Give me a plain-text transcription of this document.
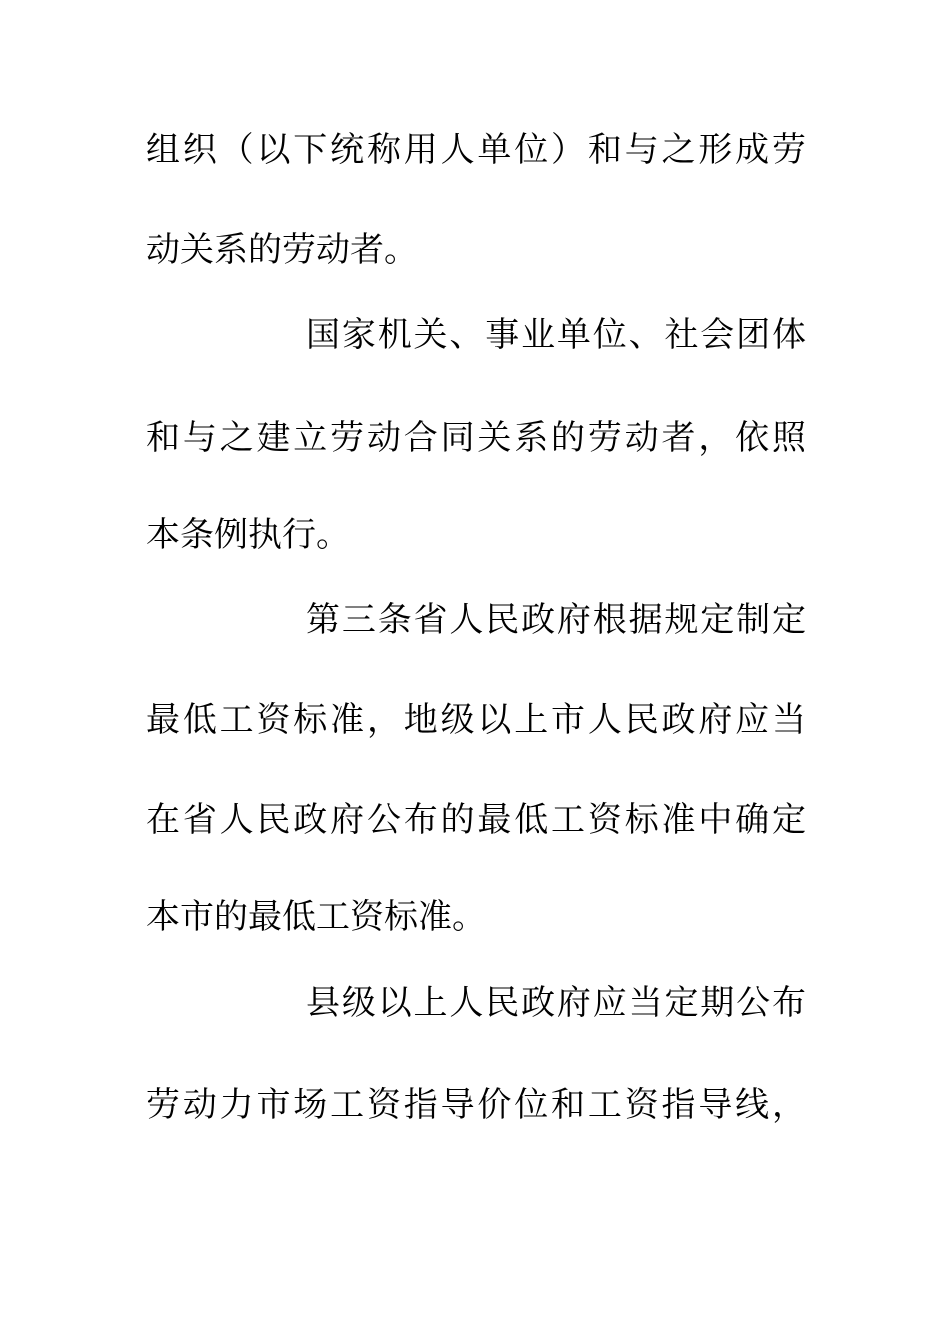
组织（以下统称用人单位）和与之形成劳
动关系的劳动者。
国家机关、事业单位、社会团体
和与之建立劳动合同关系的劳动者，依照
本条例执行。
第三条省人民政府根据规定制定
最低工资标准，地级以上市人民政府应当
在省人民政府公布的最低工资标准中确定
本市的最低工资标准。
县级以上人民政府应当定期公布
劳动力市场工资指导价位和工资指导线，
